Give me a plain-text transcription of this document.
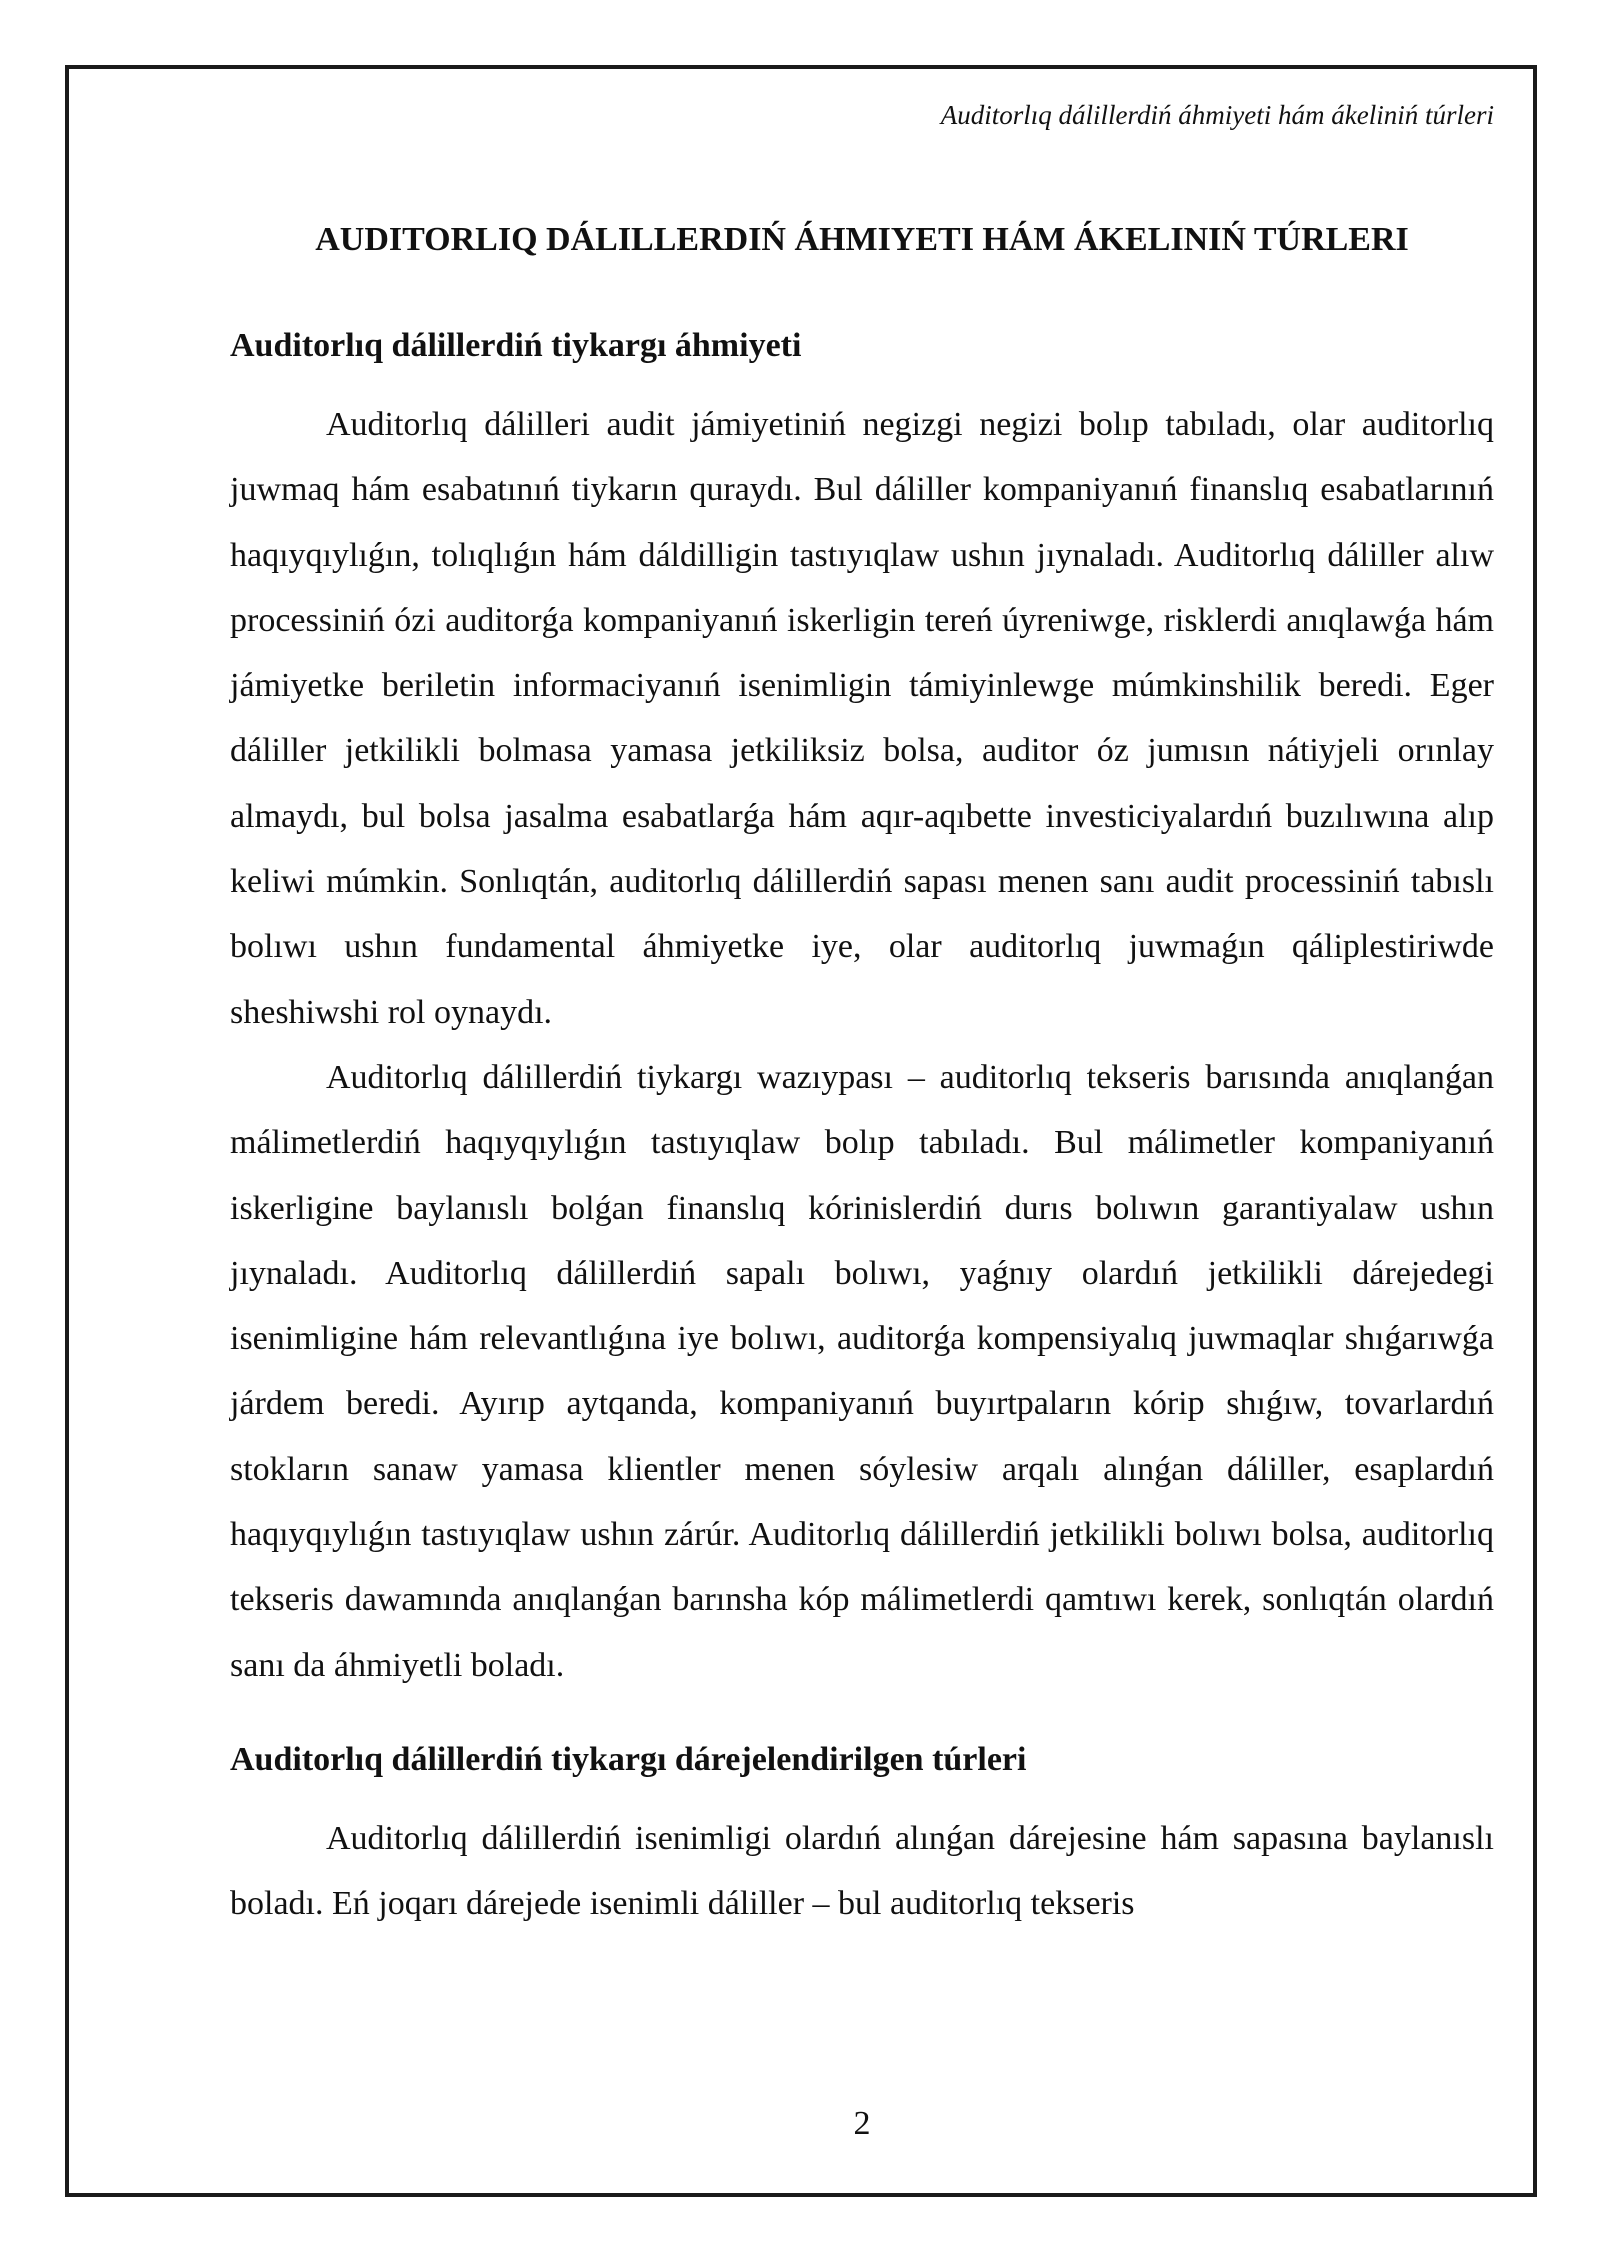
Auditorlıq dálillerdiń áhmiyeti hám ákeliniń túrleri
AUDITORLIQ DÁLILLERDIŃ ÁHMIYETI HÁM ÁKELINIŃ TÚRLERI
Auditorlıq dálillerdiń tiykargı áhmiyeti

Auditorlıq dálilleri audit jámiyetiniń negizgi negizi bolıp tabıladı, olar auditorlıq juwmaq hám esabatınıń tiykarın quraydı. Bul dáliller kompaniyanıń finanslıq esabatlarınıń haqıyqıylıǵın, tolıqlıǵın hám dáldilligin tastıyıqlaw ushın jıynaladı. Auditorlıq dáliller alıw processiniń ózi auditorǵa kompaniyanıń iskerligin tereń úyreniwge, risklerdi anıqlawǵa hám jámiyetke beriletin informaciyanıń isenimligin támiyinlewge múmkinshilik beredi. Eger dáliller jetkilikli bolmasa yamasa jetkiliksiz bolsa, auditor óz jumısın nátiyjeli orınlay almaydı, bul bolsa jasalma esabatlarǵa hám aqır-aqıbette investiciyalardıń buzılıwına alıp keliwi múmkin. Sonlıqtán, auditorlıq dálillerdiń sapası menen sanı audit processiniń tabıslı bolıwı ushın fundamental áhmiyetke iye, olar auditorlıq juwmaǵın qáliplestiriwde sheshiwshi rol oynaydı.

Auditorlıq dálillerdiń tiykargı wazıypası – auditorlıq tekseris barısında anıqlanǵan málimetlerdiń haqıyqıylıǵın tastıyıqlaw bolıp tabıladı. Bul málimetler kompaniyanıń iskerligine baylanıslı bolǵan finanslıq kórinislerdiń durıs bolıwın garantiyalaw ushın jıynaladı. Auditorlıq dálillerdiń sapalı bolıwı, yaǵnıy olardıń jetkilikli dárejedegi isenimligine hám relevantlıǵına iye bolıwı, auditorǵa kompensiyalıq juwmaqlar shıǵarıwǵa járdem beredi. Ayırıp aytqanda, kompaniyanıń buyırtpaların kórip shıǵıw, tovarlardıń stokların sanaw yamasa klientler menen sóylesiw arqalı alınǵan dáliller, esaplardıń haqıyqıylıǵın tastıyıqlaw ushın zárúr. Auditorlıq dálillerdiń jetkilikli bolıwı bolsa, auditorlıq tekseris dawamında anıqlanǵan barınsha kóp málimetlerdi qamtıwı kerek, sonlıqtán olardıń sanı da áhmiyetli boladı.

Auditorlıq dálillerdiń tiykargı dárejelendirilgen túrleri

Auditorlıq dálillerdiń isenimligi olardıń alınǵan dárejesine hám sapasına baylanıslı boladı. Eń joqarı dárejede isenimli dáliller – bul auditorlıq tekseris

2
